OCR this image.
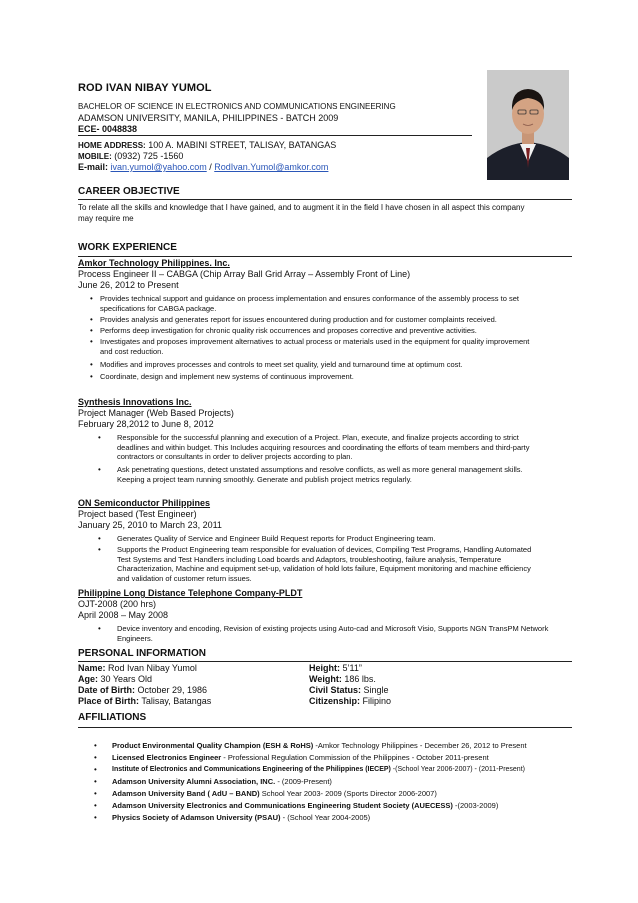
ROD IVAN NIBAY YUMOL
BACHELOR OF SCIENCE IN ELECTRONICS AND COMMUNICATIONS ENGINEERING
ADAMSON UNIVERSITY, MANILA, PHILIPPINES - BATCH 2009
ECE- 0048838
HOME ADDRESS: 100 A. MABINI STREET, TALISAY, BATANGAS
MOBILE: (0932) 725 -1560
E-mail: ivan.yumol@yahoo.com / RodIvan.Yumol@amkor.com
CAREER OBJECTIVE
To relate all the skills and knowledge that I have gained, and to augment it in the field I have chosen in all aspect this company
may require me
WORK EXPERIENCE
Amkor Technology Philippines. Inc.
Process Engineer II – CABGA (Chip Array Ball Grid Array – Assembly Front of Line)
June 26, 2012 to Present
• Provides technical support and guidance on process implementation and ensures conformance of the assembly process to set
specifications for CABGA package.
• Provides analysis and generates report for issues encountered during production and for customer complaints received.
• Performs deep investigation for chronic quality risk occurrences and proposes corrective and preventive activities.
• Investigates and proposes improvement alternatives to actual process or materials used in the equipment for quality improvement
and cost reduction.
• Modifies and improves processes and controls to meet set quality, yield and turnaround time at optimum cost.
• Coordinate, design and implement new systems of continuous improvement.
Synthesis Innovations Inc.
Project Manager (Web Based Projects)
February 28,2012 to June 8, 2012
• Responsible for the successful planning and execution of a Project. Plan, execute, and finalize projects according to strict
deadlines and within budget. This Includes acquiring resources and coordinating the efforts of team members and third-party
contractors or consultants in order to deliver projects according to plan.
• Ask penetrating questions, detect unstated assumptions and resolve conflicts, as well as more general management skills.
Keeping a project team running smoothly. Generate and publish project metrics regularly.
ON Semiconductor Philippines
Project based (Test Engineer)
January 25, 2010 to March 23, 2011
• Generates Quality of Service and Engineer Build Request reports for Product Engineering team.
• Supports the Product Engineering team responsible for evaluation of devices, Compiling Test Programs, Handling Automated
Test Systems and Test Handlers including Load boards and Adaptors, troubleshooting, failure analysis, Temperature
Characterization, Machine and equipment set-up, validation of hold lots failure, Equipment monitoring and machine efficiency
and validation of customer return issues.
Philippine Long Distance Telephone Company-PLDT
OJT-2008 (200 hrs)
April 2008 – May 2008
• Device inventory and encoding, Revision of existing projects using Auto-cad and Microsoft Visio, Supports NGN TransPM Network
Engineers.
PERSONAL INFORMATION
Name: Rod Ivan Nibay Yumol
Age: 30 Years Old
Date of Birth: October 29, 1986
Place of Birth: Talisay, Batangas
Height: 5’11”
Weight: 186 lbs.
Civil Status: Single
Citizenship: Filipino
AFFILIATIONS
• Product Environmental Quality Champion (ESH & RoHS) -Amkor Technology Philippines - December 26, 2012 to Present
• Licensed Electronics Engineer - Professional Regulation Commission of the Philippines - October 2011-present
• Institute of Electronics and Communications Engineering of the Philippines (IECEP) -(School Year 2006-2007) - (2011-Present)
• Adamson University Alumni Association, INC. - (2009-Present)
• Adamson University Band ( AdU – BAND) School Year 2003- 2009 (Sports Director 2006-2007)
• Adamson University Electronics and Communications Engineering Student Society (AUECESS) -(2003-2009)
• Physics Society of Adamson University (PSAU) - (School Year 2004-2005)
